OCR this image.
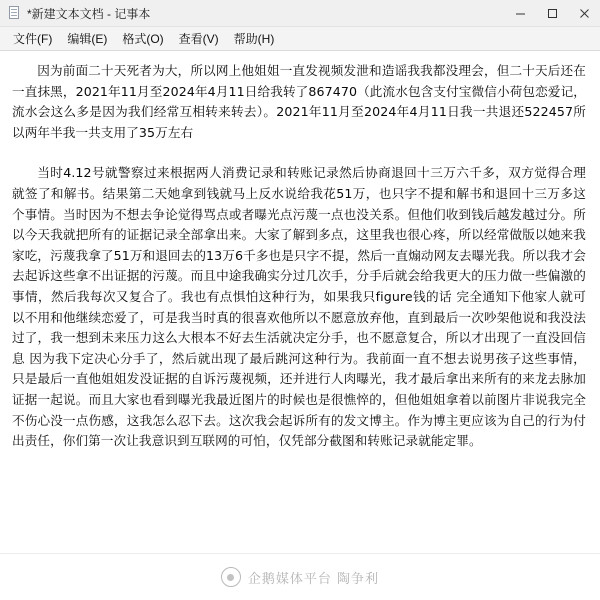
*新建文本文档 - 记事本
文件(F)	编辑(E)	格式(O)	查看(V)	帮助(H)

因为前面二十天死者为大，所以网上他姐姐一直发视频发泄和造谣我我都没理会，但二十天后还在一直抹黑，2021年11月至2024年4月11日给我转了867470（此流水包含支付宝微信小荷包恋爱记，流水会这么多是因为我们经常互相转来转去）。2021年11月至2024年4月11日我一共退还522457所以两年半我一共支用了35万左右

当时4.12号就警察过来根据两人消费记录和转账记录然后协商退回十三万六千多，双方觉得合理就签了和解书。结果第二天她拿到钱就马上反水说给我花51万，也只字不提和解书和退回十三万多这个事情。当时因为不想去争论觉得骂点或者曝光点污蔑一点也没关系。但他们收到钱后越发越过分。所以今天我就把所有的证据记录全部拿出来。大家了解到多点，这里我也很心疼，所以经常做版以她来我家吃，污蔑我拿了51万和退回去的13万6千多也是只字不提，然后一直煽动网友去曝光我。所以我才会去起诉这些拿不出证据的污蔑。而且中途我确实分过几次手，分手后就会给我更大的压力做一些偏激的事情，然后我每次又复合了。我也有点惧怕这种行为，如果我只figure钱的话 完全通知下他家人就可以不用和他继续恋爱了，可是我当时真的很喜欢他所以不愿意放弃他，直到最后一次吵架他说和我没法过了，我一想到未来压力这么大根本不好去生活就决定分手，也不愿意复合，所以才出现了一直没回信息 因为我下定决心分手了，然后就出现了最后跳河这种行为。我前面一直不想去说男孩子这些事情，只是最后一直他姐姐发没证据的自诉污蔑视频，还并进行人肉曝光，我才最后拿出来所有的来龙去脉加证据一起说。而且大家也看到曝光我最近图片的时候也是很憔悴的，但他姐姐拿着以前图片非说我完全不伤心没一点伤感，这我怎么忍下去。这次我会起诉所有的发文博主。作为博主更应该为自己的行为付出责任，你们第一次让我意识到互联网的可怕，仅凭部分截图和转账记录就能定罪。

企鹅媒体平台 陶争利
